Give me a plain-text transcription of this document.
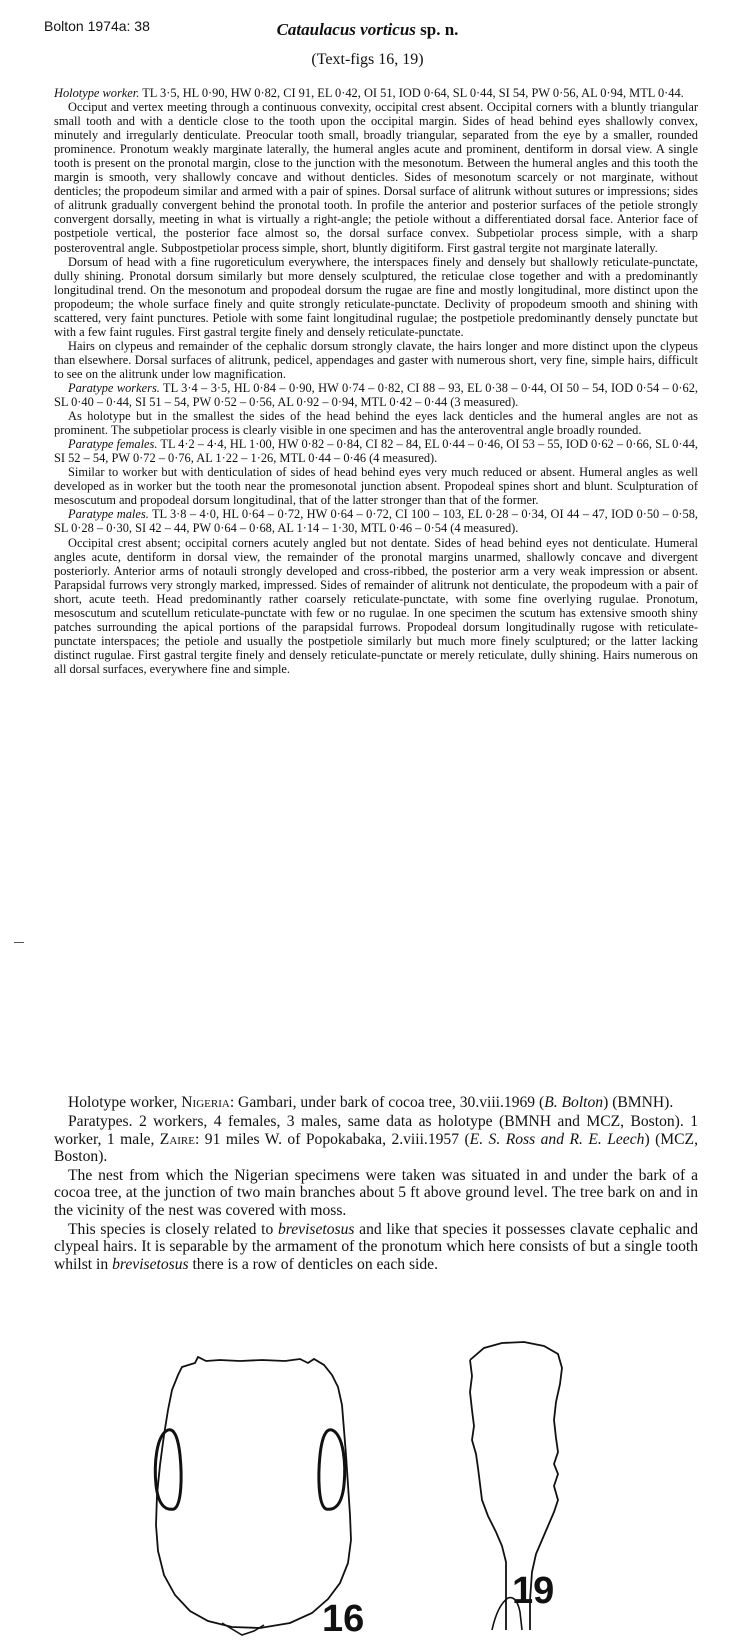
Bolton 1974a: 38	Cataulacus vorticus sp. n.
(Text-figs 16, 19)

Holotype worker. TL 3·5, HL 0·90, HW 0·82, CI 91, EL 0·42, OI 51, IOD 0·64, SL 0·44, SI 54, PW 0·56, AL 0·94, MTL 0·44.

Occiput and vertex meeting through a continuous convexity, occipital crest absent. Occipital corners with a bluntly triangular small tooth and with a denticle close to the tooth upon the occipital margin. Sides of head behind eyes shallowly convex, minutely and irregularly denticulate. Preocular tooth small, broadly triangular, separated from the eye by a smaller, rounded prominence. Pronotum weakly marginate laterally, the humeral angles acute and prominent, dentiform in dorsal view. A single tooth is present on the pronotal margin, close to the junction with the mesonotum. Between the humeral angles and this tooth the margin is smooth, very shallowly concave and without denticles. Sides of mesonotum scarcely or not marginate, without denticles; the propodeum similar and armed with a pair of spines. Dorsal surface of alitrunk without sutures or impressions; sides of alitrunk gradually convergent behind the pronotal tooth. In profile the anterior and posterior surfaces of the petiole strongly convergent dorsally, meeting in what is virtually a right-angle; the petiole without a differentiated dorsal face. Anterior face of postpetiole vertical, the posterior face almost so, the dorsal surface convex. Subpetiolar process simple, with a sharp posteroventral angle. Subpostpetiolar process simple, short, bluntly digitiform. First gastral tergite not marginate laterally.

Dorsum of head with a fine rugoreticulum everywhere, the interspaces finely and densely but shallowly reticulate-punctate, dully shining. Pronotal dorsum similarly but more densely sculptured, the reticulae close together and with a predominantly longitudinal trend. On the mesonotum and propodeal dorsum the rugae are fine and mostly longitudinal, more distinct upon the propodeum; the whole surface finely and quite strongly reticulate-punctate. Declivity of propodeum smooth and shining with scattered, very faint punctures. Petiole with some faint longitudinal rugulae; the postpetiole predominantly densely punctate but with a few faint rugules. First gastral tergite finely and densely reticulate-punctate.

Hairs on clypeus and remainder of the cephalic dorsum strongly clavate, the hairs longer and more distinct upon the clypeus than elsewhere. Dorsal surfaces of alitrunk, pedicel, appendages and gaster with numerous short, very fine, simple hairs, difficult to see on the alitrunk under low magnification.

Paratype workers. TL 3·4 – 3·5, HL 0·84 – 0·90, HW 0·74 – 0·82, CI 88 – 93, EL 0·38 – 0·44, OI 50 – 54, IOD 0·54 – 0·62, SL 0·40 – 0·44, SI 51 – 54, PW 0·52 – 0·56, AL 0·92 – 0·94, MTL 0·42 – 0·44 (3 measured).

As holotype but in the smallest the sides of the head behind the eyes lack denticles and the humeral angles are not as prominent. The subpetiolar process is clearly visible in one specimen and has the anteroventral angle broadly rounded.

Paratype females. TL 4·2 – 4·4, HL 1·00, HW 0·82 – 0·84, CI 82 – 84, EL 0·44 – 0·46, OI 53 – 55, IOD 0·62 – 0·66, SL 0·44, SI 52 – 54, PW 0·72 – 0·76, AL 1·22 – 1·26, MTL 0·44 – 0·46 (4 measured).

Similar to worker but with denticulation of sides of head behind eyes very much reduced or absent. Humeral angles as well developed as in worker but the tooth near the promesonotal junction absent. Propodeal spines short and blunt. Sculpturation of mesoscutum and propodeal dorsum longitudinal, that of the latter stronger than that of the former.

Paratype males. TL 3·8 – 4·0, HL 0·64 – 0·72, HW 0·64 – 0·72, CI 100 – 103, EL 0·28 – 0·34, OI 44 – 47, IOD 0·50 – 0·58, SL 0·28 – 0·30, SI 42 – 44, PW 0·64 – 0·68, AL 1·14 – 1·30, MTL 0·46 – 0·54 (4 measured).

Occipital crest absent; occipital corners acutely angled but not dentate. Sides of head behind eyes not denticulate. Humeral angles acute, dentiform in dorsal view, the remainder of the pronotal margins unarmed, shallowly concave and divergent posteriorly. Anterior arms of notauli strongly developed and cross-ribbed, the posterior arm a very weak impression or absent. Parapsidal furrows very strongly marked, impressed. Sides of remainder of alitrunk not denticulate, the propodeum with a pair of short, acute teeth. Head predominantly rather coarsely reticulate-punctate, with some fine overlying rugulae. Pronotum, mesoscutum and scutellum reticulate-punctate with few or no rugulae. In one specimen the scutum has extensive smooth shiny patches surrounding the apical portions of the parapsidal furrows. Propodeal dorsum longitudinally rugose with reticulate-punctate interspaces; the petiole and usually the postpetiole similarly but much more finely sculptured; or the latter lacking distinct rugulae. First gastral tergite finely and densely reticulate-punctate or merely reticulate, dully shining. Hairs numerous on all dorsal surfaces, everywhere fine and simple.

Holotype worker, Nigeria: Gambari, under bark of cocoa tree, 30.viii.1969 (B. Bolton) (BMNH).

Paratypes. 2 workers, 4 females, 3 males, same data as holotype (BMNH and MCZ, Boston). 1 worker, 1 male, Zaire: 91 miles W. of Popokabaka, 2.viii.1957 (E. S. Ross and R. E. Leech) (MCZ, Boston).

The nest from which the Nigerian specimens were taken was situated in and under the bark of a cocoa tree, at the junction of two main branches about 5 ft above ground level. The tree bark on and in the vicinity of the nest was covered with moss.

This species is closely related to brevisetosus and like that species it possesses clavate cephalic and clypeal hairs. It is separable by the armament of the pronotum which here consists of but a single tooth whilst in brevisetosus there is a row of denticles on each side.

16
19
